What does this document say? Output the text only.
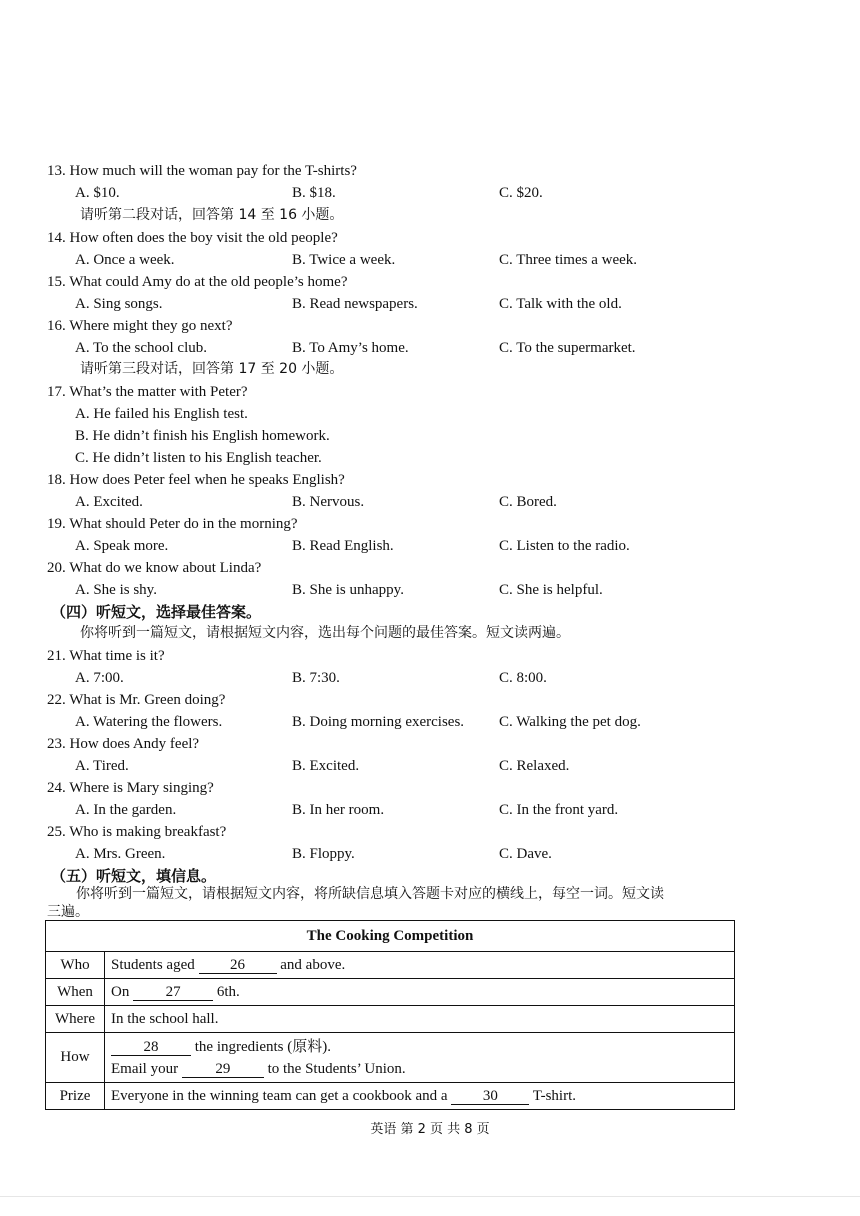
13. How much will the woman pay for the T-shirts?
A. $10.	B. $18.	C. $20.
请听第二段对话，回答第 14 至 16 小题。
14. How often does the boy visit the old people?
A. Once a week.	B. Twice a week.	C. Three times a week.
15. What could Amy do at the old people’s home?
A. Sing songs.	B. Read newspapers.	C. Talk with the old.
16. Where might they go next?
A. To the school club.	B. To Amy’s home.	C. To the supermarket.
请听第三段对话，回答第 17 至 20 小题。
17. What’s the matter with Peter?
A. He failed his English test.
B. He didn’t finish his English homework.
C. He didn’t listen to his English teacher.
18. How does Peter feel when he speaks English?
A. Excited.	B. Nervous.	C. Bored.
19. What should Peter do in the morning?
A. Speak more.	B. Read English.	C. Listen to the radio.
20. What do we know about Linda?
A. She is shy.	B. She is unhappy.	C. She is helpful.
（四）听短文，选择最佳答案。
你将听到一篇短文，请根据短文内容，选出每个问题的最佳答案。短文读两遍。
21. What time is it?
A. 7:00.	B. 7:30.	C. 8:00.
22. What is Mr. Green doing?
A. Watering the flowers.	B. Doing morning exercises. C. Walking the pet dog.
23. How does Andy feel?
A. Tired.	B. Excited.	C. Relaxed.
24. Where is Mary singing?
A. In the garden.	B. In her room.	C. In the front yard.
25. Who is making breakfast?
A. Mrs. Green.	B. Floppy.	C. Dave.
（五）听短文，填信息。
你将听到一篇短文，请根据短文内容，将所缺信息填入答题卡对应的横线上，每空一词。短文读
三遍。
The Cooking Competition	
Who	Students aged 26 and above.
When	On 27 6th.
Where	In the school hall.
How	28 the ingredients (原料).
Email your 29 to the Students’ Union.

Prize	Everyone in the winning team can get a cookbook and a 30 T-shirt.
英语 第 2 页 共 8 页
